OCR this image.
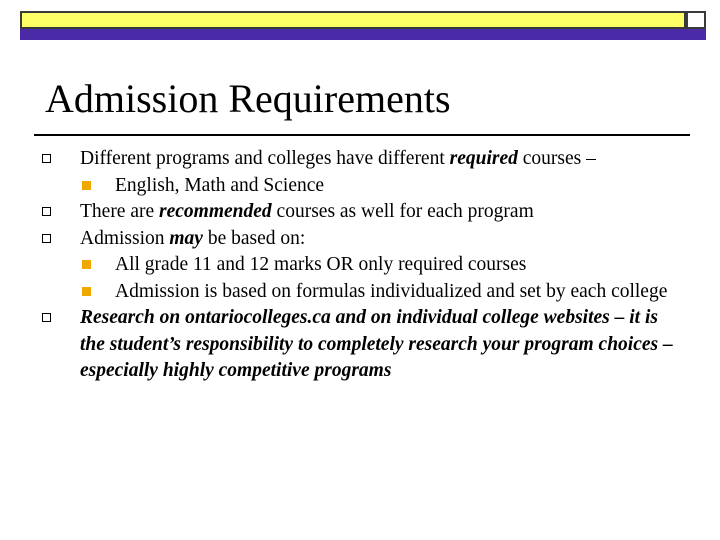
Admission Requirements
Different programs and colleges have different required courses –
English, Math and Science
There are recommended courses as well for each program
Admission may be based on:
All grade 11 and 12 marks OR only required courses
Admission is based on formulas individualized and set by each college
Research on ontariocolleges.ca and on individual college websites – it is the student’s responsibility to completely research your program choices – especially highly competitive programs
